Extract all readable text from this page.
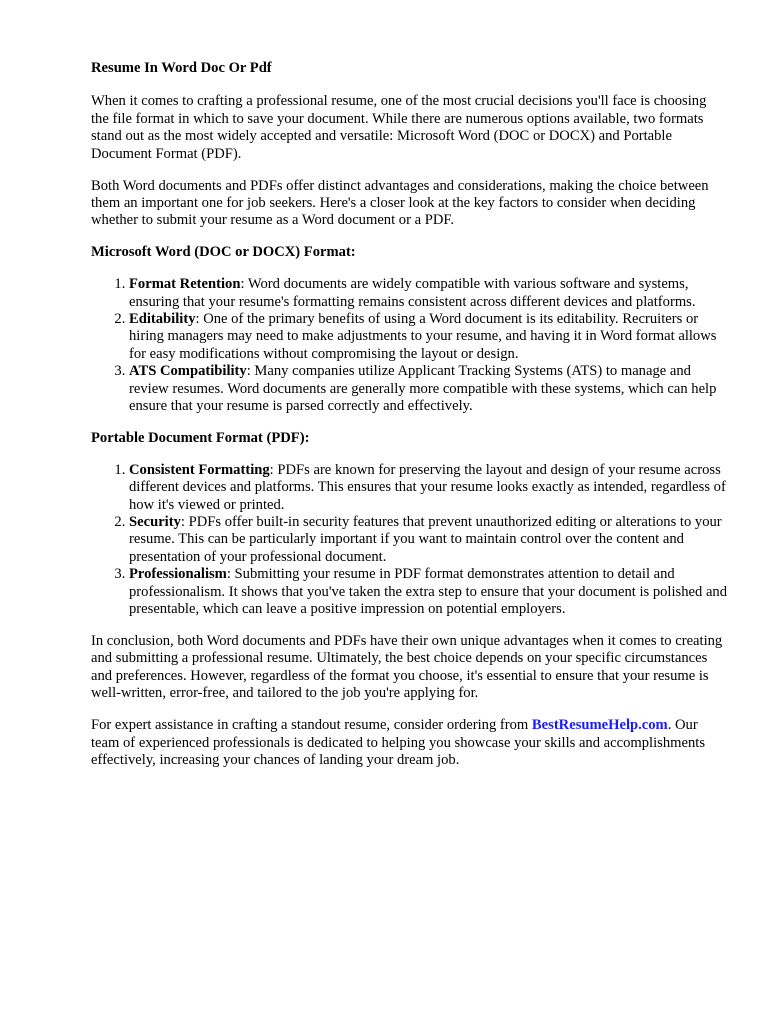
Resume In Word Doc Or Pdf

When it comes to crafting a professional resume, one of the most crucial decisions you'll face is choosing the file format in which to save your document. While there are numerous options available, two formats stand out as the most widely accepted and versatile: Microsoft Word (DOC or DOCX) and Portable Document Format (PDF).

Both Word documents and PDFs offer distinct advantages and considerations, making the choice between them an important one for job seekers. Here's a closer look at the key factors to consider when deciding whether to submit your resume as a Word document or a PDF.

Microsoft Word (DOC or DOCX) Format:
1. Format Retention: Word documents are widely compatible with various software and systems, ensuring that your resume's formatting remains consistent across different devices and platforms.
2. Editability: One of the primary benefits of using a Word document is its editability. Recruiters or hiring managers may need to make adjustments to your resume, and having it in Word format allows for easy modifications without compromising the layout or design.
3. ATS Compatibility: Many companies utilize Applicant Tracking Systems (ATS) to manage and review resumes. Word documents are generally more compatible with these systems, which can help ensure that your resume is parsed correctly and effectively.
Portable Document Format (PDF):
1. Consistent Formatting: PDFs are known for preserving the layout and design of your resume across different devices and platforms. This ensures that your resume looks exactly as intended, regardless of how it's viewed or printed.
2. Security: PDFs offer built-in security features that prevent unauthorized editing or alterations to your resume. This can be particularly important if you want to maintain control over the content and presentation of your professional document.
3. Professionalism: Submitting your resume in PDF format demonstrates attention to detail and professionalism. It shows that you've taken the extra step to ensure that your document is polished and presentable, which can leave a positive impression on potential employers.

In conclusion, both Word documents and PDFs have their own unique advantages when it comes to creating and submitting a professional resume. Ultimately, the best choice depends on your specific circumstances and preferences. However, regardless of the format you choose, it's essential to ensure that your resume is well-written, error-free, and tailored to the job you're applying for.

For expert assistance in crafting a standout resume, consider ordering from BestResumeHelp.com. Our team of experienced professionals is dedicated to helping you showcase your skills and accomplishments effectively, increasing your chances of landing your dream job.
